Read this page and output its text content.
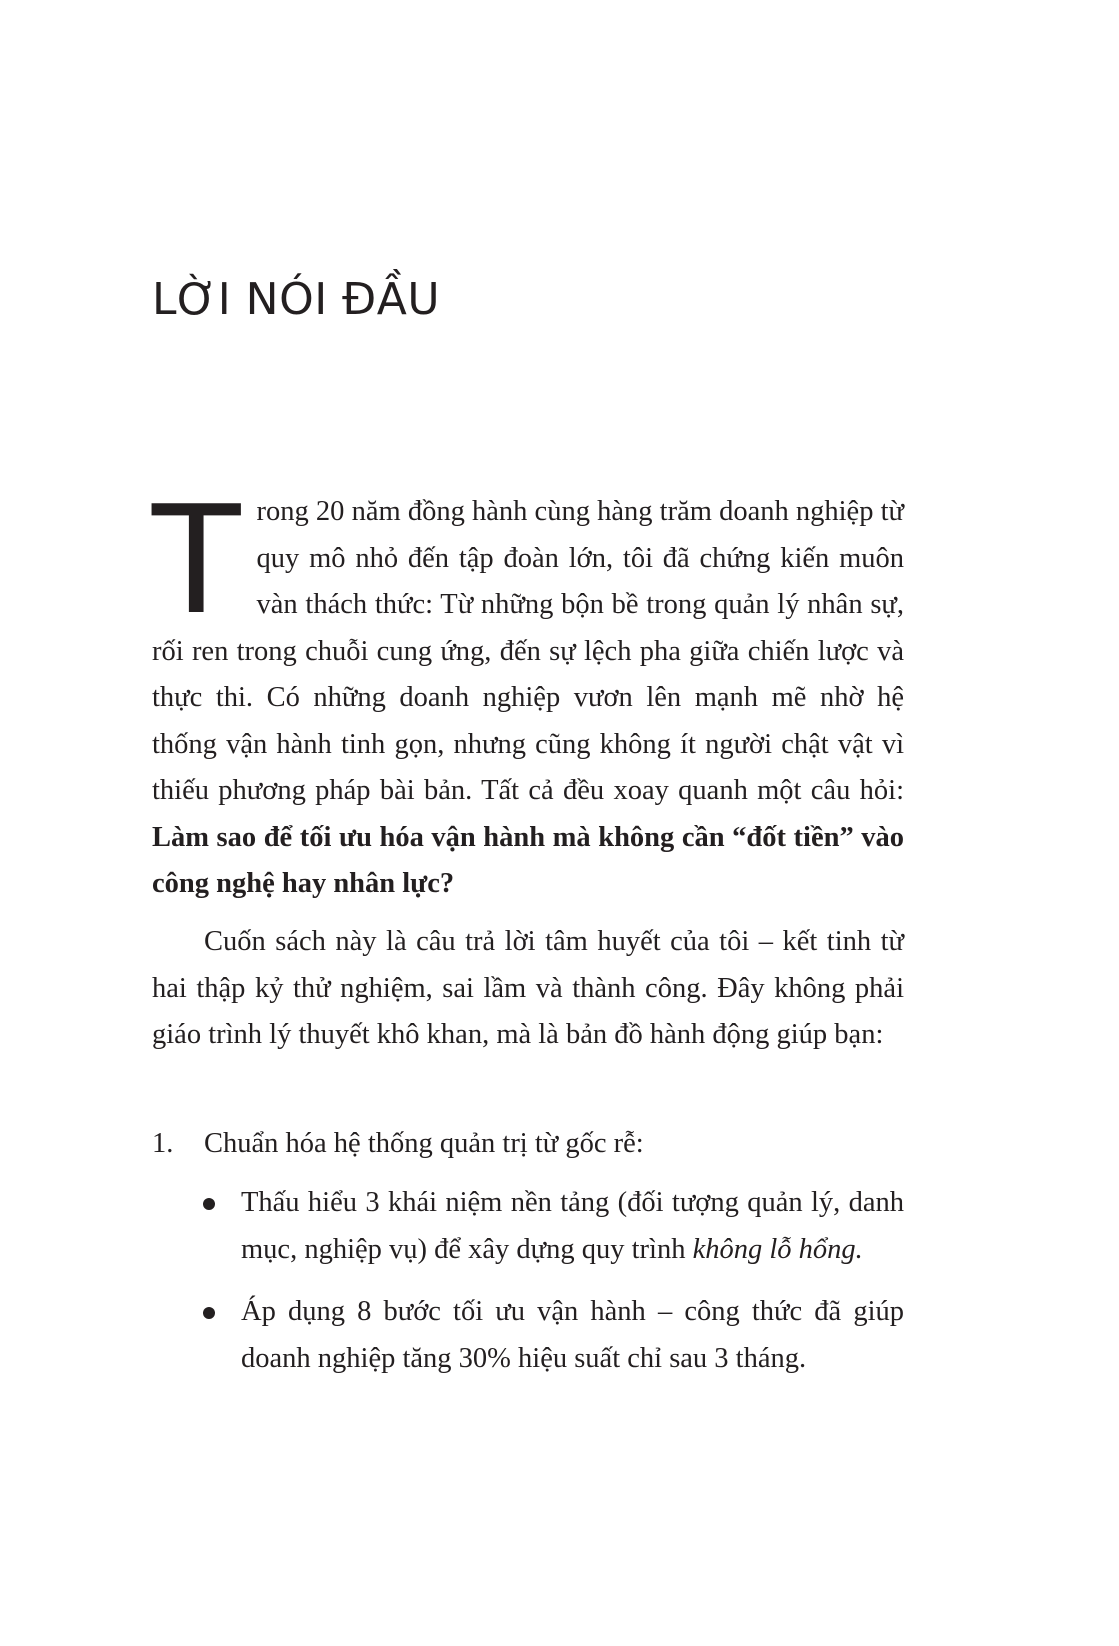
LỜI NÓI ĐẦU
Trong 20 năm đồng hành cùng hàng trăm doanh nghiệp từ quy mô nhỏ đến tập đoàn lớn, tôi đã chứng kiến muôn vàn thách thức: Từ những bộn bề trong quản lý nhân sự, rối ren trong chuỗi cung ứng, đến sự lệch pha giữa chiến lược và thực thi. Có những doanh nghiệp vươn lên mạnh mẽ nhờ hệ thống vận hành tinh gọn, nhưng cũng không ít người chật vật vì thiếu phương pháp bài bản. Tất cả đều xoay quanh một câu hỏi: Làm sao để tối ưu hóa vận hành mà không cần “đốt tiền” vào công nghệ hay nhân lực?
Cuốn sách này là câu trả lời tâm huyết của tôi – kết tinh từ hai thập kỷ thử nghiệm, sai lầm và thành công. Đây không phải giáo trình lý thuyết khô khan, mà là bản đồ hành động giúp bạn:
1. Chuẩn hóa hệ thống quản trị từ gốc rễ:
Thấu hiểu 3 khái niệm nền tảng (đối tượng quản lý, danh mục, nghiệp vụ) để xây dựng quy trình không lỗ hổng.
Áp dụng 8 bước tối ưu vận hành – công thức đã giúp doanh nghiệp tăng 30% hiệu suất chỉ sau 3 tháng.
